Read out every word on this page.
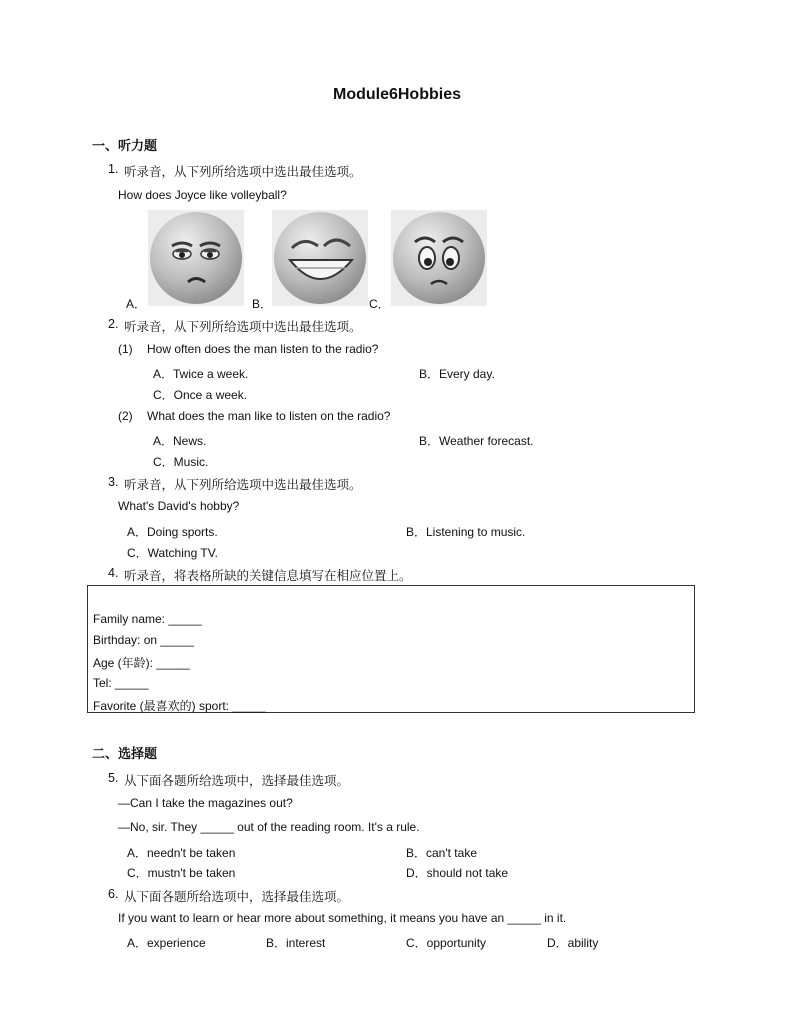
Module6Hobbies
一、听力题
1. 听录音，从下列所给选项中选出最佳选项。
How does Joyce like volleyball?
A．	B．	C．
2. 听录音，从下列所给选项中选出最佳选项。
(1) How often does the man listen to the radio?
A．Twice a week.	B．Every day.
C．Once a week.
(2) What does the man like to listen on the radio?
A．News.	B．Weather forecast.
C．Music.
3. 听录音，从下列所给选项中选出最佳选项。
What's David's hobby?
A．Doing sports.	B．Listening to music.
C．Watching TV.
4. 听录音，将表格所缺的关键信息填写在相应位置上。
Family name: _____
Birthday: on _____
Age (年龄): _____
Tel: _____
Favorite (最喜欢的) sport: _____
二、选择题
5. 从下面各题所给选项中，选择最佳选项。
—Can I take the magazines out?
—No, sir. They _____ out of the reading room. It's a rule.
A．needn't be taken	B．can't take
C．mustn't be taken	D．should not take
6. 从下面各题所给选项中，选择最佳选项。
If you want to learn or hear more about something, it means you have an _____ in it.
A．experience	B．interest	C．opportunity	D．ability
